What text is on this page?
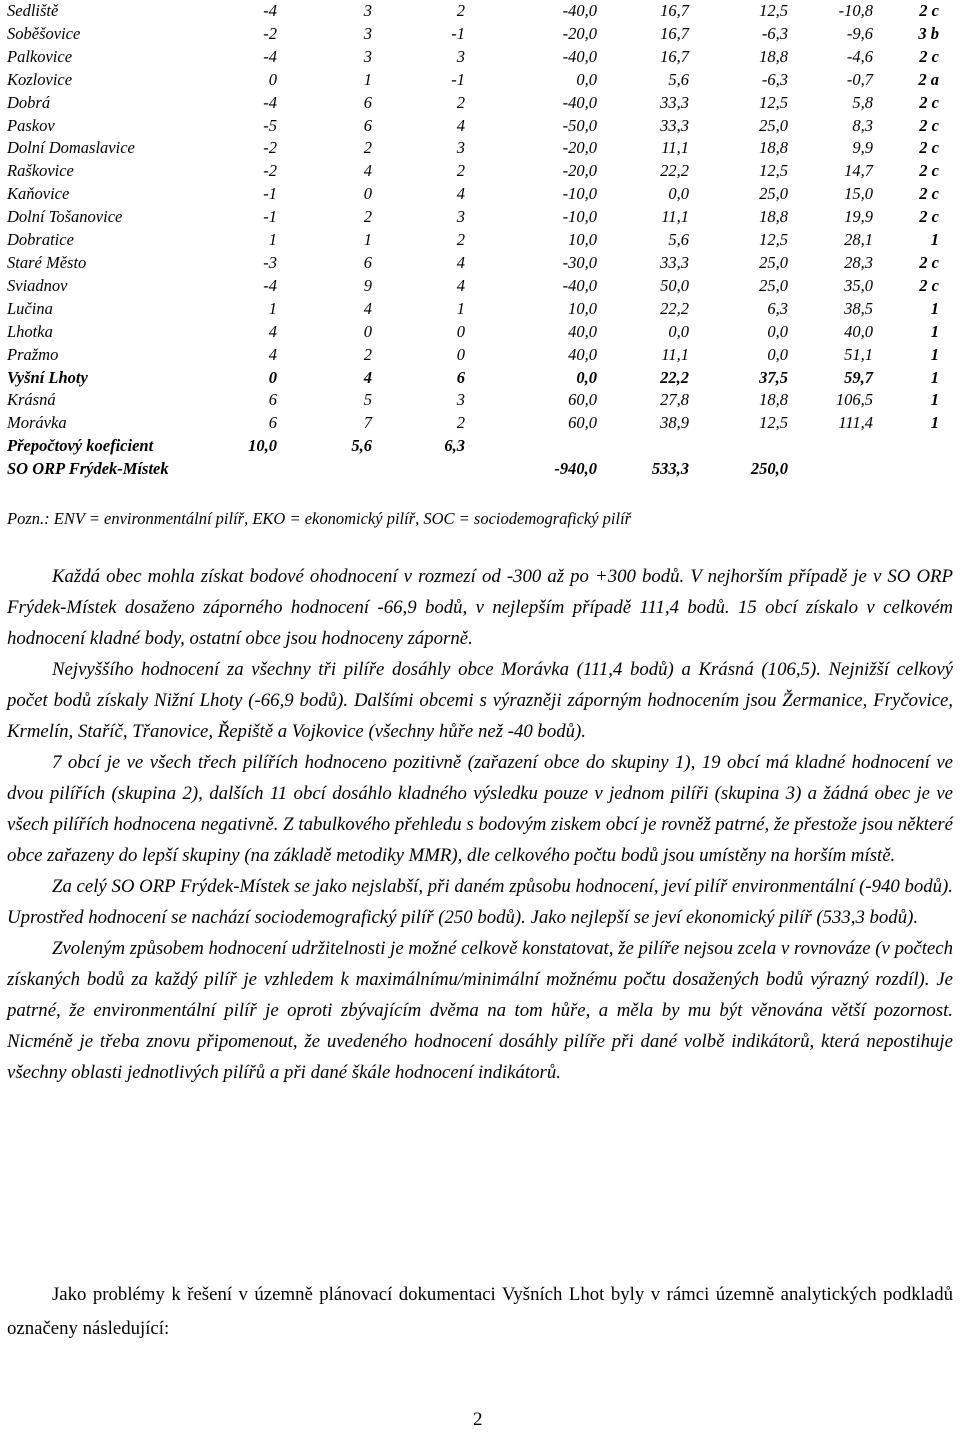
Sedliště	-4	3	2	-40,0	16,7	12,5	-10,8	2 c
Soběšovice	-2	3	-1	-20,0	16,7	-6,3	-9,6	3 b
Palkovice	-4	3	3	-40,0	16,7	18,8	-4,6	2 c
Kozlovice	0	1	-1	0,0	5,6	-6,3	-0,7	2 a
Dobrá	-4	6	2	-40,0	33,3	12,5	5,8	2 c
Paskov	-5	6	4	-50,0	33,3	25,0	8,3	2 c
Dolní Domaslavice	-2	2	3	-20,0	11,1	18,8	9,9	2 c
Raškovice	-2	4	2	-20,0	22,2	12,5	14,7	2 c
Kaňovice	-1	0	4	-10,0	0,0	25,0	15,0	2 c
Dolní Tošanovice	-1	2	3	-10,0	11,1	18,8	19,9	2 c
Dobratice	1	1	2	10,0	5,6	12,5	28,1	1
Staré Město	-3	6	4	-30,0	33,3	25,0	28,3	2 c
Sviadnov	-4	9	4	-40,0	50,0	25,0	35,0	2 c
Lučina	1	4	1	10,0	22,2	6,3	38,5	1
Lhotka	4	0	0	40,0	0,0	0,0	40,0	1
Pražmo	4	2	0	40,0	11,1	0,0	51,1	1
Vyšní Lhoty	0	4	6	0,0	22,2	37,5	59,7	1
Krásná	6	5	3	60,0	27,8	18,8	106,5	1
Morávka	6	7	2	60,0	38,9	12,5	111,4	1
Přepočtový koeficient	10,0	5,6	6,3					
SO ORP Frýdek-Místek				-940,0	533,3	250,0		
Pozn.: ENV = environmentální pilíř, EKO = ekonomický pilíř, SOC = sociodemografický pilíř

Každá obec mohla získat bodové ohodnocení v rozmezí od -300 až po +300 bodů. V nejhorším případě je v SO ORP Frýdek-Místek dosaženo záporného hodnocení -66,9 bodů, v nejlepším případě 111,4 bodů. 15 obcí získalo v celkovém hodnocení kladné body, ostatní obce jsou hodnoceny záporně.

Nejvyššího hodnocení za všechny tři pilíře dosáhly obce Morávka (111,4 bodů) a Krásná (106,5). Nejnižší celkový počet bodů získaly Nižní Lhoty (-66,9 bodů). Dalšími obcemi s výrazněji záporným hodnocením jsou Žermanice, Fryčovice, Krmelín, Staříč, Třanovice, Řepiště a Vojkovice (všechny hůře než -40 bodů).

7 obcí je ve všech třech pilířích hodnoceno pozitivně (zařazení obce do skupiny 1), 19 obcí má kladné hodnocení ve dvou pilířích (skupina 2), dalších 11 obcí dosáhlo kladného výsledku pouze v jednom pilíři (skupina 3) a žádná obec je ve všech pilířích hodnocena negativně. Z tabulkového přehledu s bodovým ziskem obcí je rovněž patrné, že přestože jsou některé obce zařazeny do lepší skupiny (na základě metodiky MMR), dle celkového počtu bodů jsou umístěny na horším místě.

Za celý SO ORP Frýdek-Místek se jako nejslabší, při daném způsobu hodnocení, jeví pilíř environmentální (-940 bodů). Uprostřed hodnocení se nachází sociodemografický pilíř (250 bodů). Jako nejlepší se jeví ekonomický pilíř (533,3 bodů).

Zvoleným způsobem hodnocení udržitelnosti je možné celkově konstatovat, že pilíře nejsou zcela v rovnováze (v počtech získaných bodů za každý pilíř je vzhledem k maximálnímu/minimální možnému počtu dosažených bodů výrazný rozdíl). Je patrné, že environmentální pilíř je oproti zbývajícím dvěma na tom hůře, a měla by mu být věnována větší pozornost. Nicméně je třeba znovu připomenout, že uvedeného hodnocení dosáhly pilíře při dané volbě indikátorů, která nepostihuje všechny oblasti jednotlivých pilířů a při dané škále hodnocení indikátorů.

Jako problémy k řešení v územně plánovací dokumentaci Vyšních Lhot byly v rámci územně analytických podkladů označeny následující:

2
